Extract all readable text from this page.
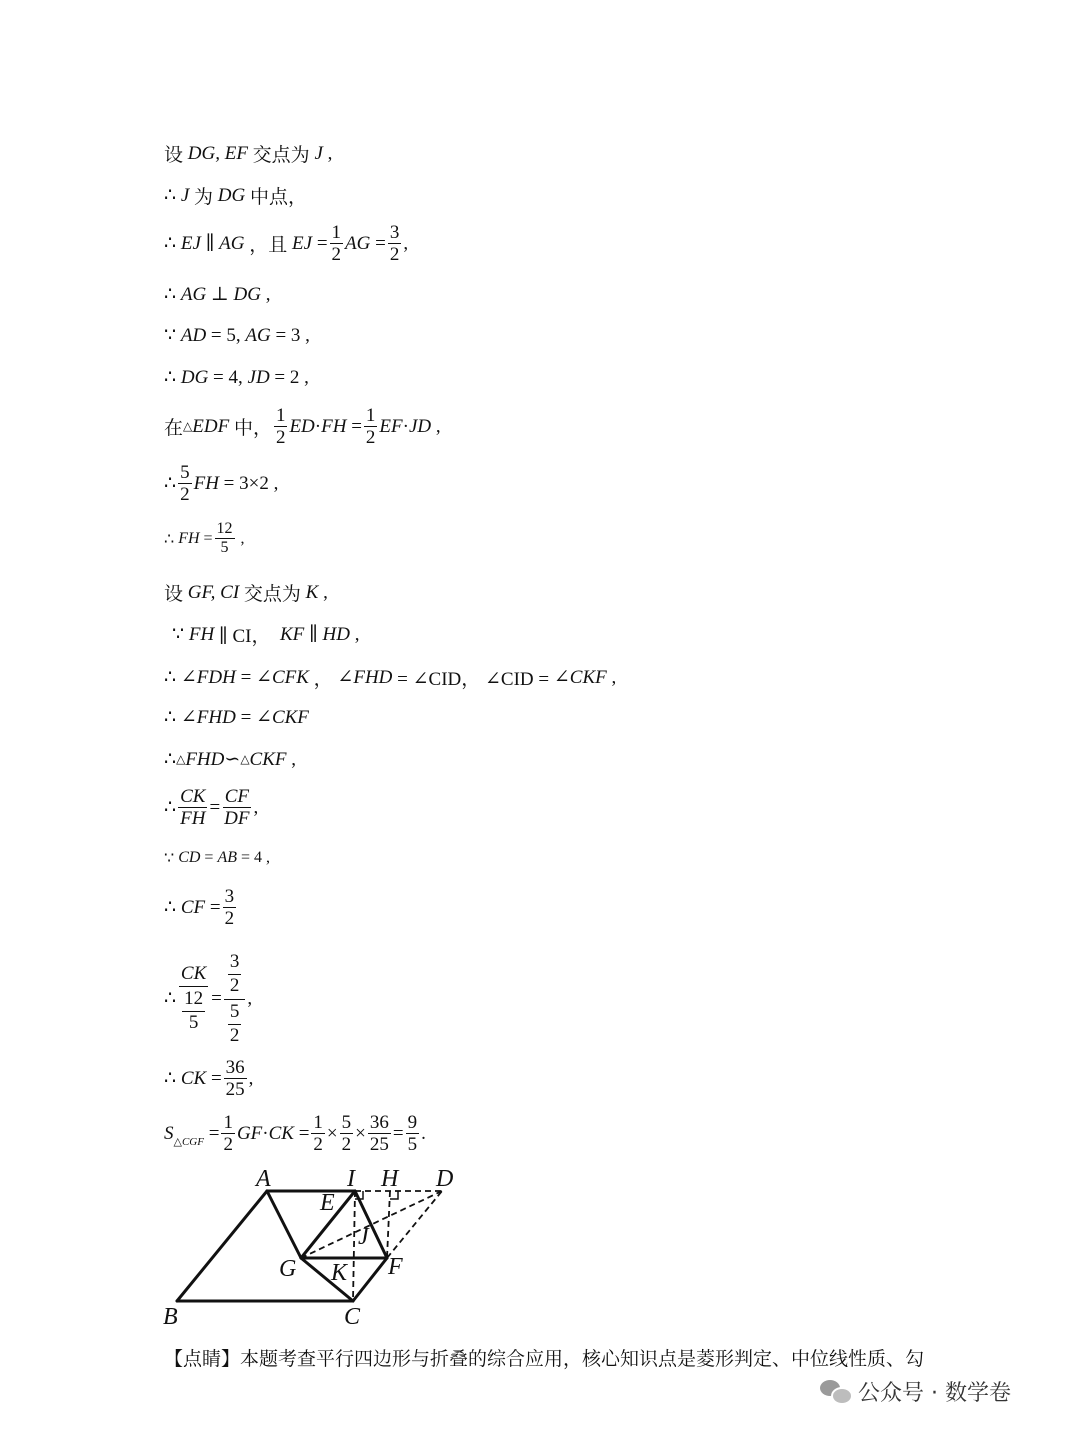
设 DG, EF 交点为 J ,
∴ J 为 DG 中点，
∴ EJ ∥ AG ，且 EJ = $\frac{1}{2}$ AG = $\frac{3}{2}$ ,
∴ AG ⊥ DG ,
∵ AD = 5, AG = 3 ,
∴ DG = 4, JD = 2 ,
在 △ EDF 中， $\frac{1}{2}$ ED · FH = $\frac{1}{2}$ EF · JD ,
∴ $\frac{5}{2}$ FH = 3×2 ,
∴ FH = $\frac{12}{5}$ ,
设 GF, CI 交点为 K ,
∵ FH ∥ CI， KF ∥ HD ,
∴ ∠FDH = ∠CFK ， ∠FHD = ∠CID， ∠CID = ∠CKF ,
∴ ∠FHD = ∠CKF
∴ △ FHD ∽ △ CKF ,
∴ $\frac{CK}{FH} = \frac{CF}{DF}$ ,
∵ CD = AB = 4 ,
∴ CF = $\frac{3}{2}$
∴ $\frac{CK}{\frac{12}{5}} = \frac{\frac{3}{2}}{\frac{5}{2}}$ ,
∴ CK = $\frac{36}{25}$ ,
S △CGF = $\frac{1}{2}$ GF · CK = $\frac{1}{2} \times \frac{5}{2} \times \frac{36}{25} = \frac{9}{5}$ .
A	I H D
E
J
G K F
B	C
【点睛】本题考查平行四边形与折叠的综合应用，核心知识点是菱形判定、中位线性质、勾
公众号 · 数学卷
